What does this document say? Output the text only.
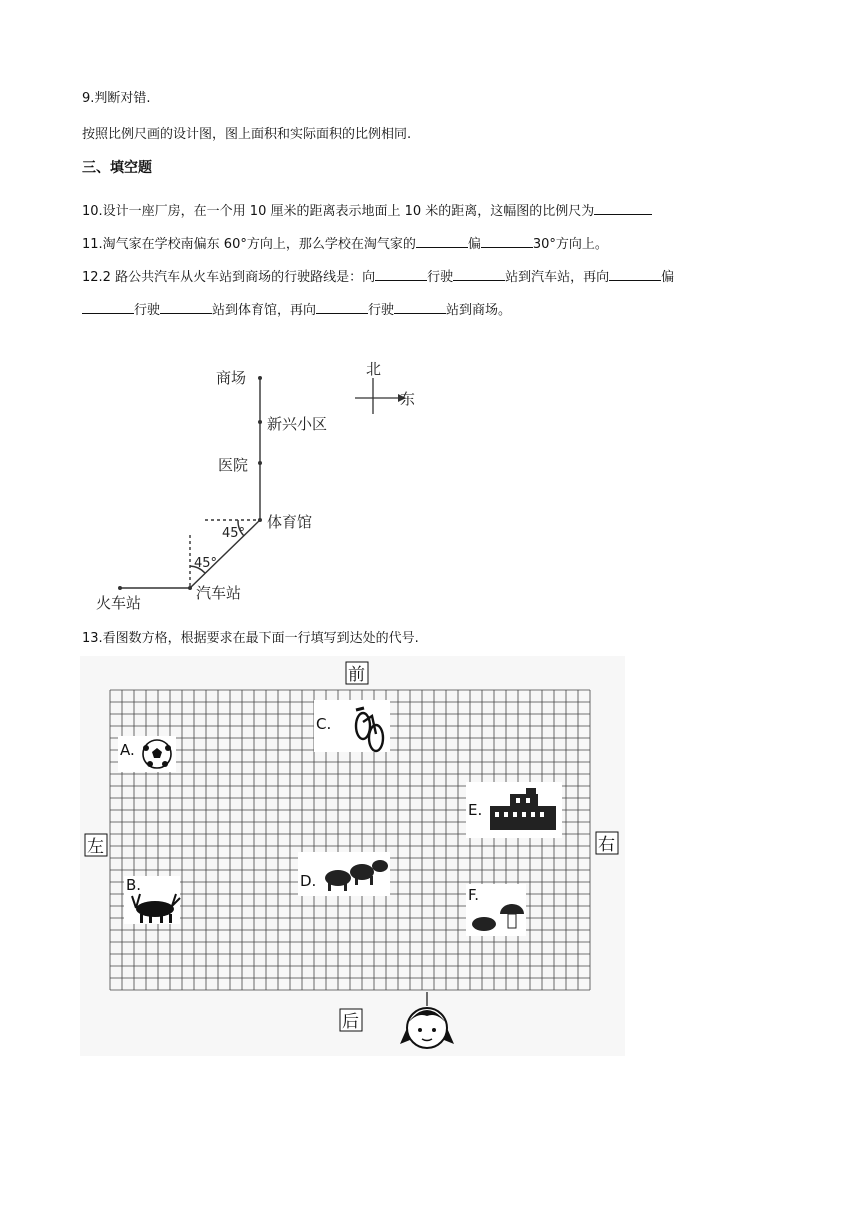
9.判断对错.
按照比例尺画的设计图，图上面积和实际面积的比例相同.
三、填空题
10.设计一座厂房，在一个用 10 厘米的距离表示地面上 10 米的距离，这幅图的比例尺为
11.淘气家在学校南偏东 60°方向上，那么学校在淘气家的	偏	30°方向上。
12.2 路公共汽车从火车站到商场的行驶路线是：向	行驶	站到汽车站，再向	偏
行驶	站到体育馆，再向	行驶	站到商场。
商场
新兴小区
医院
体育馆
汽车站
火车站
45°
45°
北
东
13.看图数方格，根据要求在最下面一行填写到达处的代号.
前
后
左	右
A.
B.
C.
D.
E.
F.
